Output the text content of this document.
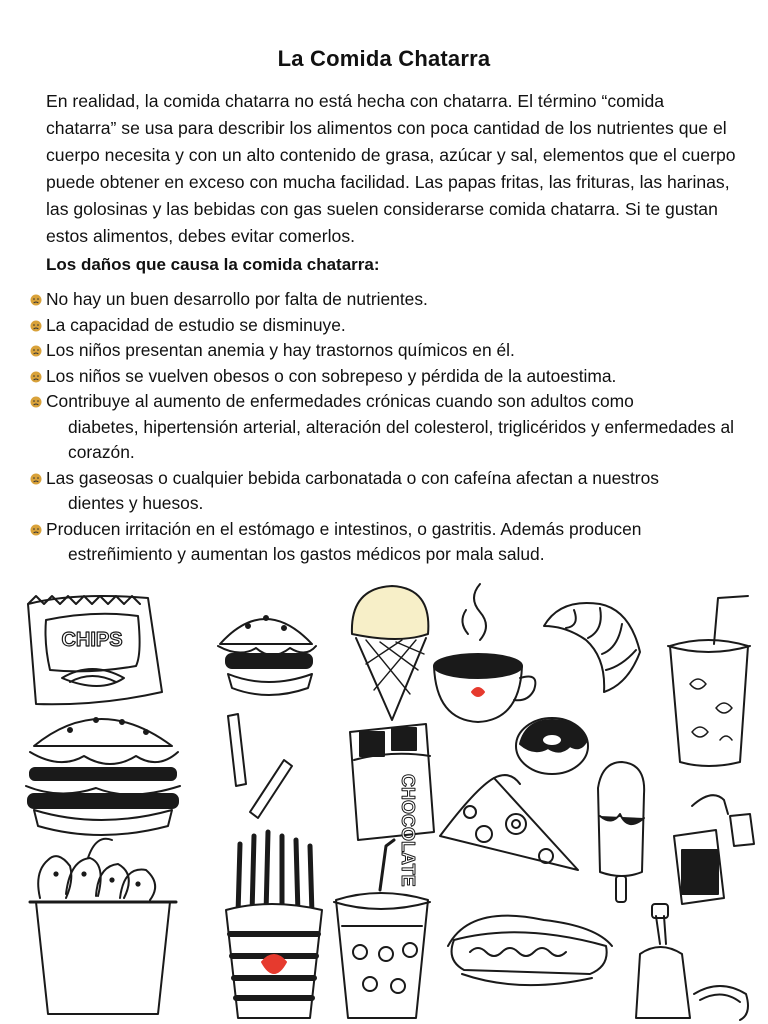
La Comida Chatarra

En realidad, la comida chatarra no está hecha con chatarra. El término “comida chatarra” se usa para describir los alimentos con poca cantidad de los nutrientes que el cuerpo necesita y con un alto contenido de grasa, azúcar y sal, elementos que el cuerpo puede obtener en exceso con mucha facilidad. Las papas fritas, las frituras, las harinas, las golosinas y las bebidas con gas suelen considerarse comida chatarra. Si te gustan estos alimentos, debes evitar comerlos.

Los daños que causa la comida chatarra:
No hay un buen desarrollo por falta de nutrientes.
La capacidad de estudio se disminuye.
Los niños presentan anemia y hay trastornos químicos en él.
Los niños se vuelven obesos o con sobrepeso y pérdida de la autoestima.
Contribuye al aumento de enfermedades crónicas cuando son adultos como
diabetes, hipertensión arterial, alteración del colesterol, triglicéridos y enfermedades al corazón.
Las gaseosas o cualquier bebida carbonatada o con cafeína afectan a nuestros
dientes y huesos.
Producen irritación en el estómago e intestinos, o gastritis. Además producen
estreñimiento y aumentan los gastos médicos por mala salud.
CHIPS
CHOCOLATE
